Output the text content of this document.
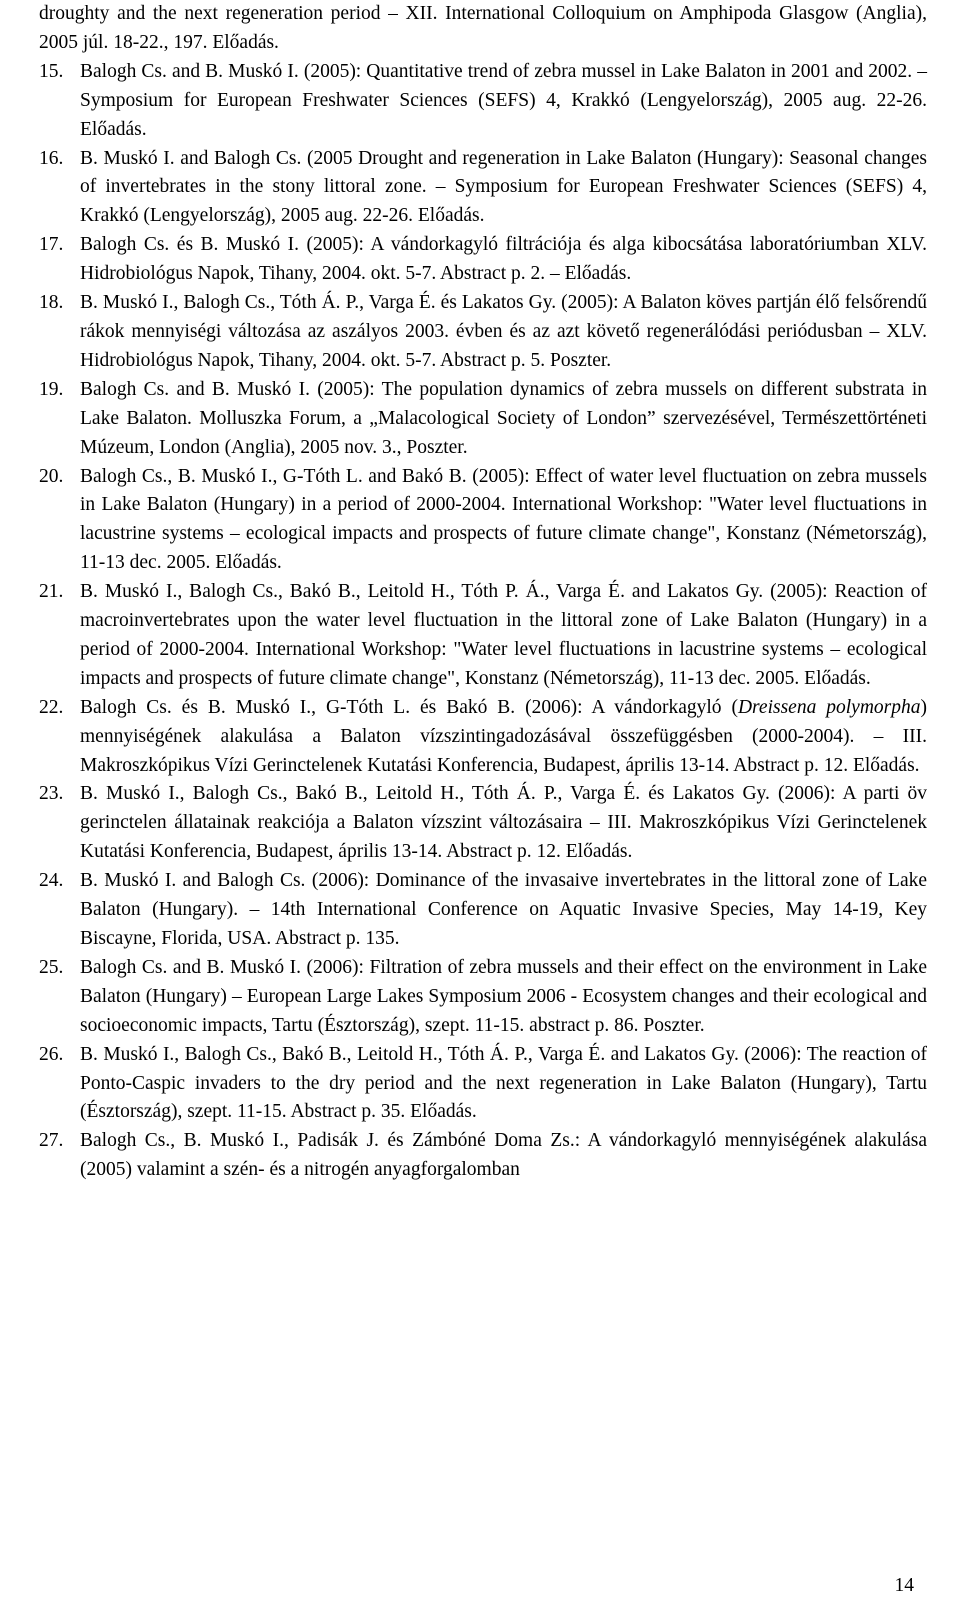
droughty and the next regeneration period – XII. International Colloquium on Amphipoda Glasgow (Anglia), 2005 júl. 18-22., 197. Előadás.

15. Balogh Cs. and B. Muskó I. (2005): Quantitative trend of zebra mussel in Lake Balaton in 2001 and 2002. – Symposium for European Freshwater Sciences (SEFS) 4, Krakkó (Lengyelország), 2005 aug. 22-26. Előadás.

16. B. Muskó I. and Balogh Cs. (2005 Drought and regeneration in Lake Balaton (Hungary): Seasonal changes of invertebrates in the stony littoral zone. – Symposium for European Freshwater Sciences (SEFS) 4, Krakkó (Lengyelország), 2005 aug. 22-26. Előadás.

17. Balogh Cs. és B. Muskó I. (2005): A vándorkagyló filtrációja és alga kibocsátása laboratóriumban XLV. Hidrobiológus Napok, Tihany, 2004. okt. 5-7. Abstract p. 2. – Előadás.

18. B. Muskó I., Balogh Cs., Tóth Á. P., Varga É. és Lakatos Gy. (2005): A Balaton köves partján élő felsőrendű rákok mennyiségi változása az aszályos 2003. évben és az azt követő regenerálódási periódusban – XLV. Hidrobiológus Napok, Tihany, 2004. okt. 5-7. Abstract p. 5. Poszter.

19. Balogh Cs. and B. Muskó I. (2005): The population dynamics of zebra mussels on different substrata in Lake Balaton. Molluszka Forum, a „Malacological Society of London” szervezésével, Természettörténeti Múzeum, London (Anglia), 2005 nov. 3., Poszter.

20. Balogh Cs., B. Muskó I., G-Tóth L. and Bakó B. (2005): Effect of water level fluctuation on zebra mussels in Lake Balaton (Hungary) in a period of 2000-2004. International Workshop: "Water level fluctuations in lacustrine systems – ecological impacts and prospects of future climate change", Konstanz (Németország), 11-13 dec. 2005. Előadás.

21. B. Muskó I., Balogh Cs., Bakó B., Leitold H., Tóth P. Á., Varga É. and Lakatos Gy. (2005): Reaction of macroinvertebrates upon the water level fluctuation in the littoral zone of Lake Balaton (Hungary) in a period of 2000-2004. International Workshop: "Water level fluctuations in lacustrine systems – ecological impacts and prospects of future climate change", Konstanz (Németország), 11-13 dec. 2005. Előadás.

22. Balogh Cs. és B. Muskó I., G-Tóth L. és Bakó B. (2006): A vándorkagyló (Dreissena polymorpha) mennyiségének alakulása a Balaton vízszintingadozásával összefüggésben (2000-2004). – III. Makroszkópikus Vízi Gerinctelenek Kutatási Konferencia, Budapest, április 13-14. Abstract p. 12. Előadás.

23. B. Muskó I., Balogh Cs., Bakó B., Leitold H., Tóth Á. P., Varga É. és Lakatos Gy. (2006): A parti öv gerinctelen állatainak reakciója a Balaton vízszint változásaira – III. Makroszkópikus Vízi Gerinctelenek Kutatási Konferencia, Budapest, április 13-14. Abstract p. 12. Előadás.

24. B. Muskó I. and Balogh Cs. (2006): Dominance of the invasaive invertebrates in the littoral zone of Lake Balaton (Hungary). – 14th International Conference on Aquatic Invasive Species, May 14-19, Key Biscayne, Florida, USA. Abstract p. 135.

25. Balogh Cs. and B. Muskó I. (2006): Filtration of zebra mussels and their effect on the environment in Lake Balaton (Hungary) – European Large Lakes Symposium 2006 - Ecosystem changes and their ecological and socioeconomic impacts, Tartu (Észtország), szept. 11-15. abstract p. 86. Poszter.

26. B. Muskó I., Balogh Cs., Bakó B., Leitold H., Tóth Á. P., Varga É. and Lakatos Gy. (2006): The reaction of Ponto-Caspic invaders to the dry period and the next regeneration in Lake Balaton (Hungary), Tartu (Észtország), szept. 11-15. Abstract p. 35. Előadás.

27. Balogh Cs., B. Muskó I., Padisák J. és Zámbóné Doma Zs.: A vándorkagyló mennyiségének alakulása (2005) valamint a szén- és a nitrogén anyagforgalomban

14
